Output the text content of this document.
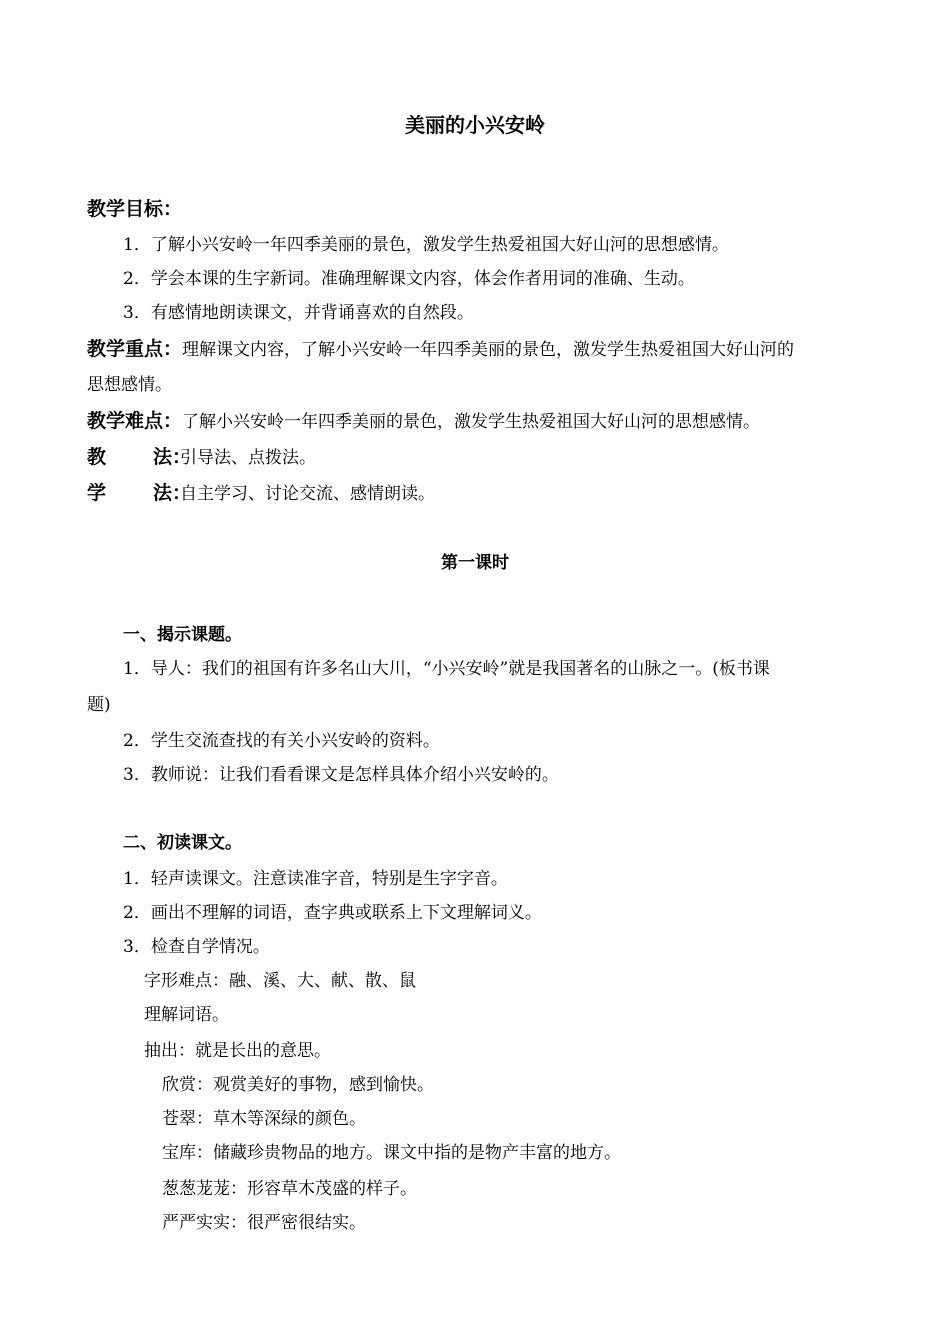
美丽的小兴安岭
教学目标：
1．了解小兴安岭一年四季美丽的景色，激发学生热爱祖国大好山河的思想感情。
2．学会本课的生字新词。准确理解课文内容，体会作者用词的准确、生动。
3．有感情地朗读课文，并背诵喜欢的自然段。
教学重点：理解课文内容，了解小兴安岭一年四季美丽的景色，激发学生热爱祖国大好山河的
思想感情。
教学难点：了解小兴安岭一年四季美丽的景色，激发学生热爱祖国大好山河的思想感情。
教 法：引导法、点拨法。
学 法：自主学习、讨论交流、感情朗读。
第一课时
一、揭示课题。
1．导人：我们的祖国有许多名山大川，“小兴安岭”就是我国著名的山脉之一。(板书课
题)
2．学生交流查找的有关小兴安岭的资料。
3．教师说：让我们看看课文是怎样具体介绍小兴安岭的。
二、初读课文。
1．轻声读课文。注意读准字音，特别是生字字音。
2．画出不理解的词语，查字典或联系上下文理解词义。
3．检查自学情况。
字形难点：融、溪、大、献、散、鼠
理解词语。
抽出：就是长出的意思。
欣赏：观赏美好的事物，感到愉快。
苍翠：草木等深绿的颜色。
宝库：储藏珍贵物品的地方。课文中指的是物产丰富的地方。
葱葱茏茏：形容草木茂盛的样子。
严严实实：很严密很结实。
